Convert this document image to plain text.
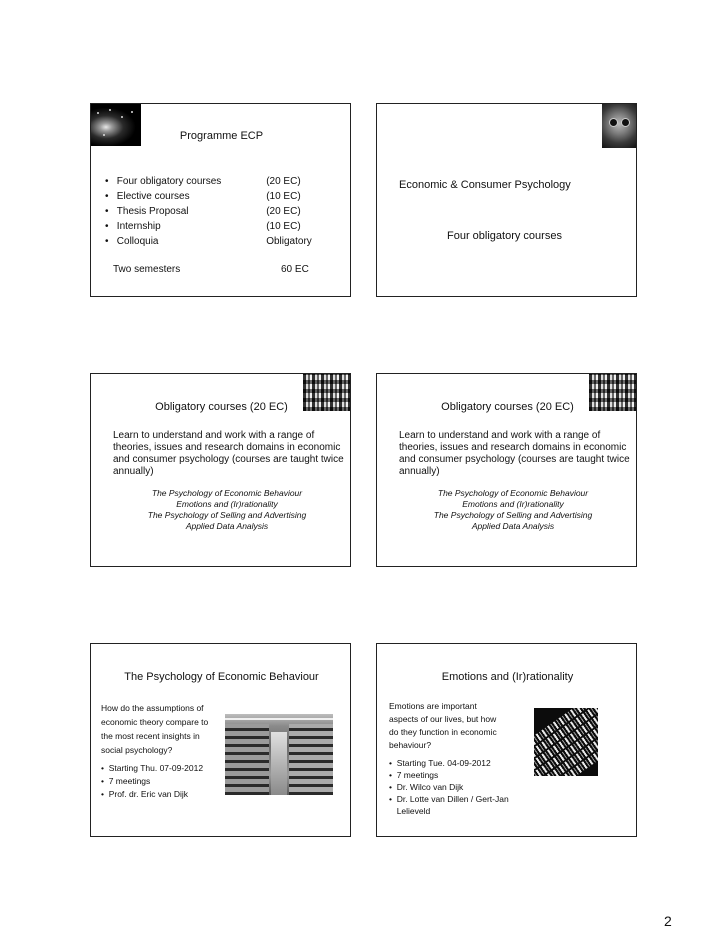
Programme ECP
• Four obligatory courses	(20 EC)
• Elective courses	(10 EC)
• Thesis Proposal	(20 EC)
• Internship	(10 EC)
• Colloquia	Obligatory
Two semesters	60 EC
Economic & Consumer Psychology
Four obligatory courses
Obligatory courses (20 EC)
Learn to understand and work with a range of theories, issues and research domains in economic and consumer psychology (courses are taught twice annually)
The Psychology of Economic Behaviour
Emotions and (Ir)rationality
The Psychology of Selling and Advertising
Applied Data Analysis
Obligatory courses (20 EC)
Learn to understand and work with a range of theories, issues and research domains in economic and consumer psychology (courses are taught twice annually)
The Psychology of Economic Behaviour
Emotions and (Ir)rationality
The Psychology of Selling and Advertising
Applied Data Analysis
The Psychology of Economic Behaviour
How do the assumptions of economic theory compare to the most recent insights in social psychology?
•  Starting Thu. 07-09-2012
•  7 meetings
•  Prof. dr. Eric van Dijk
Emotions and (Ir)rationality
Emotions are important aspects of our lives, but how do they function in economic behaviour?
•  Starting Tue. 04-09-2012
•  7 meetings
•  Dr. Wilco van Dijk
• Dr. Lotte van Dillen / Gert-Jan Lelieveld
2
